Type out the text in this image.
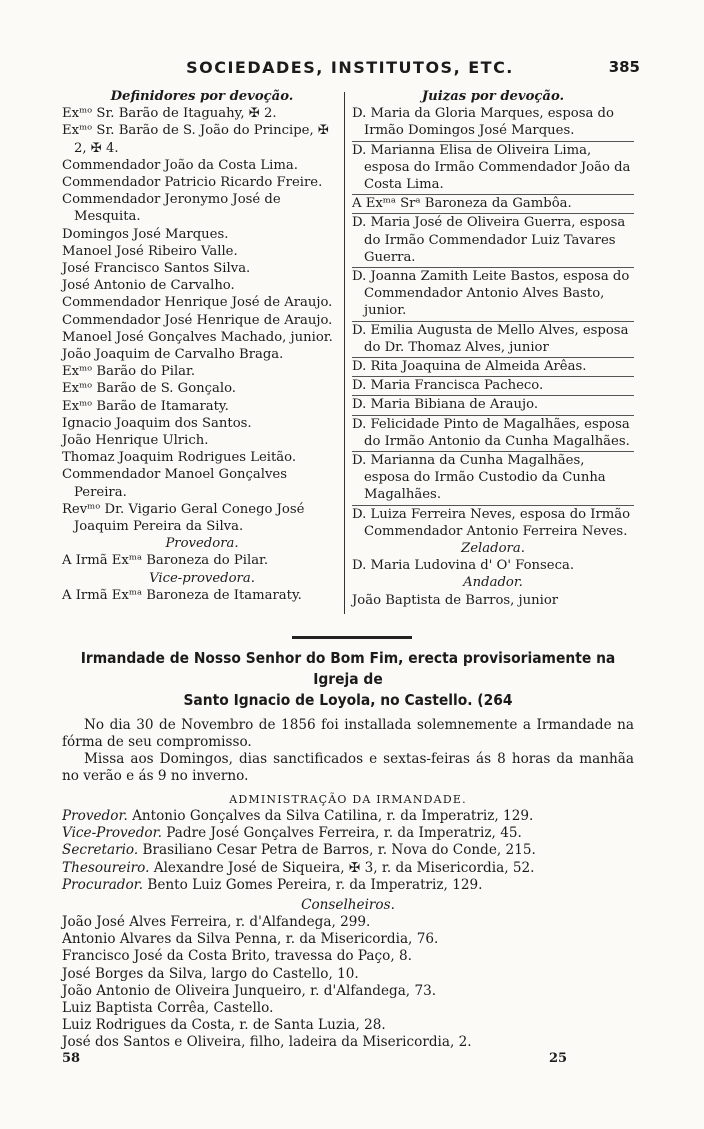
SOCIEDADES, INSTITUTOS, ETC.	385
Definidores por devoção.
Exᵐᵒ Sr. Barão de Itaguahy, ✠ 2.
Exᵐᵒ Sr. Barão de S. João do Principe, ✠ 2, ✠ 4.
Commendador João da Costa Lima.
Commendador Patricio Ricardo Freire.
Commendador Jeronymo José de Mesquita.
Domingos José Marques.
Manoel José Ribeiro Valle.
José Francisco Santos Silva.
José Antonio de Carvalho.
Commendador Henrique José de Araujo.
Commendador José Henrique de Araujo.
Manoel José Gonçalves Machado, junior.
João Joaquim de Carvalho Braga.
Exᵐᵒ Barão do Pilar.
Exᵐᵒ Barão de S. Gonçalo.
Exᵐᵒ Barão de Itamaraty.
Ignacio Joaquim dos Santos.
João Henrique Ulrich.
Thomaz Joaquim Rodrigues Leitão.
Commendador Manoel Gonçalves Pereira.
Revᵐᵒ Dr. Vigario Geral Conego José Joaquim Pereira da Silva.
Provedora.
A Irmã Exᵐᵃ Baroneza do Pilar.
Vice-provedora.
A Irmã Exᵐᵃ Baroneza de Itamaraty.
Juizas por devoção.
D. Maria da Gloria Marques, esposa do Irmão Domingos José Marques.
D. Marianna Elisa de Oliveira Lima, esposa do Irmão Commendador João da Costa Lima.
A Exᵐᵃ Srᵃ Baroneza da Gambôa.
D. Maria José de Oliveira Guerra, esposa do Irmão Commendador Luiz Tavares Guerra.
D. Joanna Zamith Leite Bastos, esposa do Commendador Antonio Alves Basto, junior.
D. Emilia Augusta de Mello Alves, esposa do Dr. Thomaz Alves, junior
D. Rita Joaquina de Almeida Arêas.
D. Maria Francisca Pacheco.
D. Maria Bibiana de Araujo.
D. Felicidade Pinto de Magalhães, esposa do Irmão Antonio da Cunha Magalhães.
D. Marianna da Cunha Magalhães, esposa do Irmão Custodio da Cunha Magalhães.
D. Luiza Ferreira Neves, esposa do Irmão Commendador Antonio Ferreira Neves.
Zeladora.
D. Maria Ludovina d' O' Fonseca.
Andador.
João Baptista de Barros, junior
Irmandade de Nosso Senhor do Bom Fim, erecta provisoriamente na Igreja de
Santo Ignacio de Loyola, no Castello. (264
No dia 30 de Novembro de 1856 foi installada solemnemente a Irmandade na fórma de seu compromisso.
Missa aos Domingos, dias sanctificados e sextas-feiras ás 8 horas da manhãa no verão e ás 9 no inverno.
ADMINISTRAÇÃO DA IRMANDADE.
Provedor. Antonio Gonçalves da Silva Catilina, r. da Imperatriz, 129.
Vice-Provedor. Padre José Gonçalves Ferreira, r. da Imperatriz, 45.
Secretario. Brasiliano Cesar Petra de Barros, r. Nova do Conde, 215.
Thesoureiro. Alexandre José de Siqueira, ✠ 3, r. da Misericordia, 52.
Procurador. Bento Luiz Gomes Pereira, r. da Imperatriz, 129.
Conselheiros.
João José Alves Ferreira, r. d'Alfandega, 299.
Antonio Alvares da Silva Penna, r. da Misericordia, 76.
Francisco José da Costa Brito, travessa do Paço, 8.
José Borges da Silva, largo do Castello, 10.
João Antonio de Oliveira Junqueiro, r. d'Alfandega, 73.
Luiz Baptista Corrêa, Castello.
Luiz Rodrigues da Costa, r. de Santa Luzia, 28.
José dos Santos e Oliveira, filho, ladeira da Misericordia, 2.
58	25
